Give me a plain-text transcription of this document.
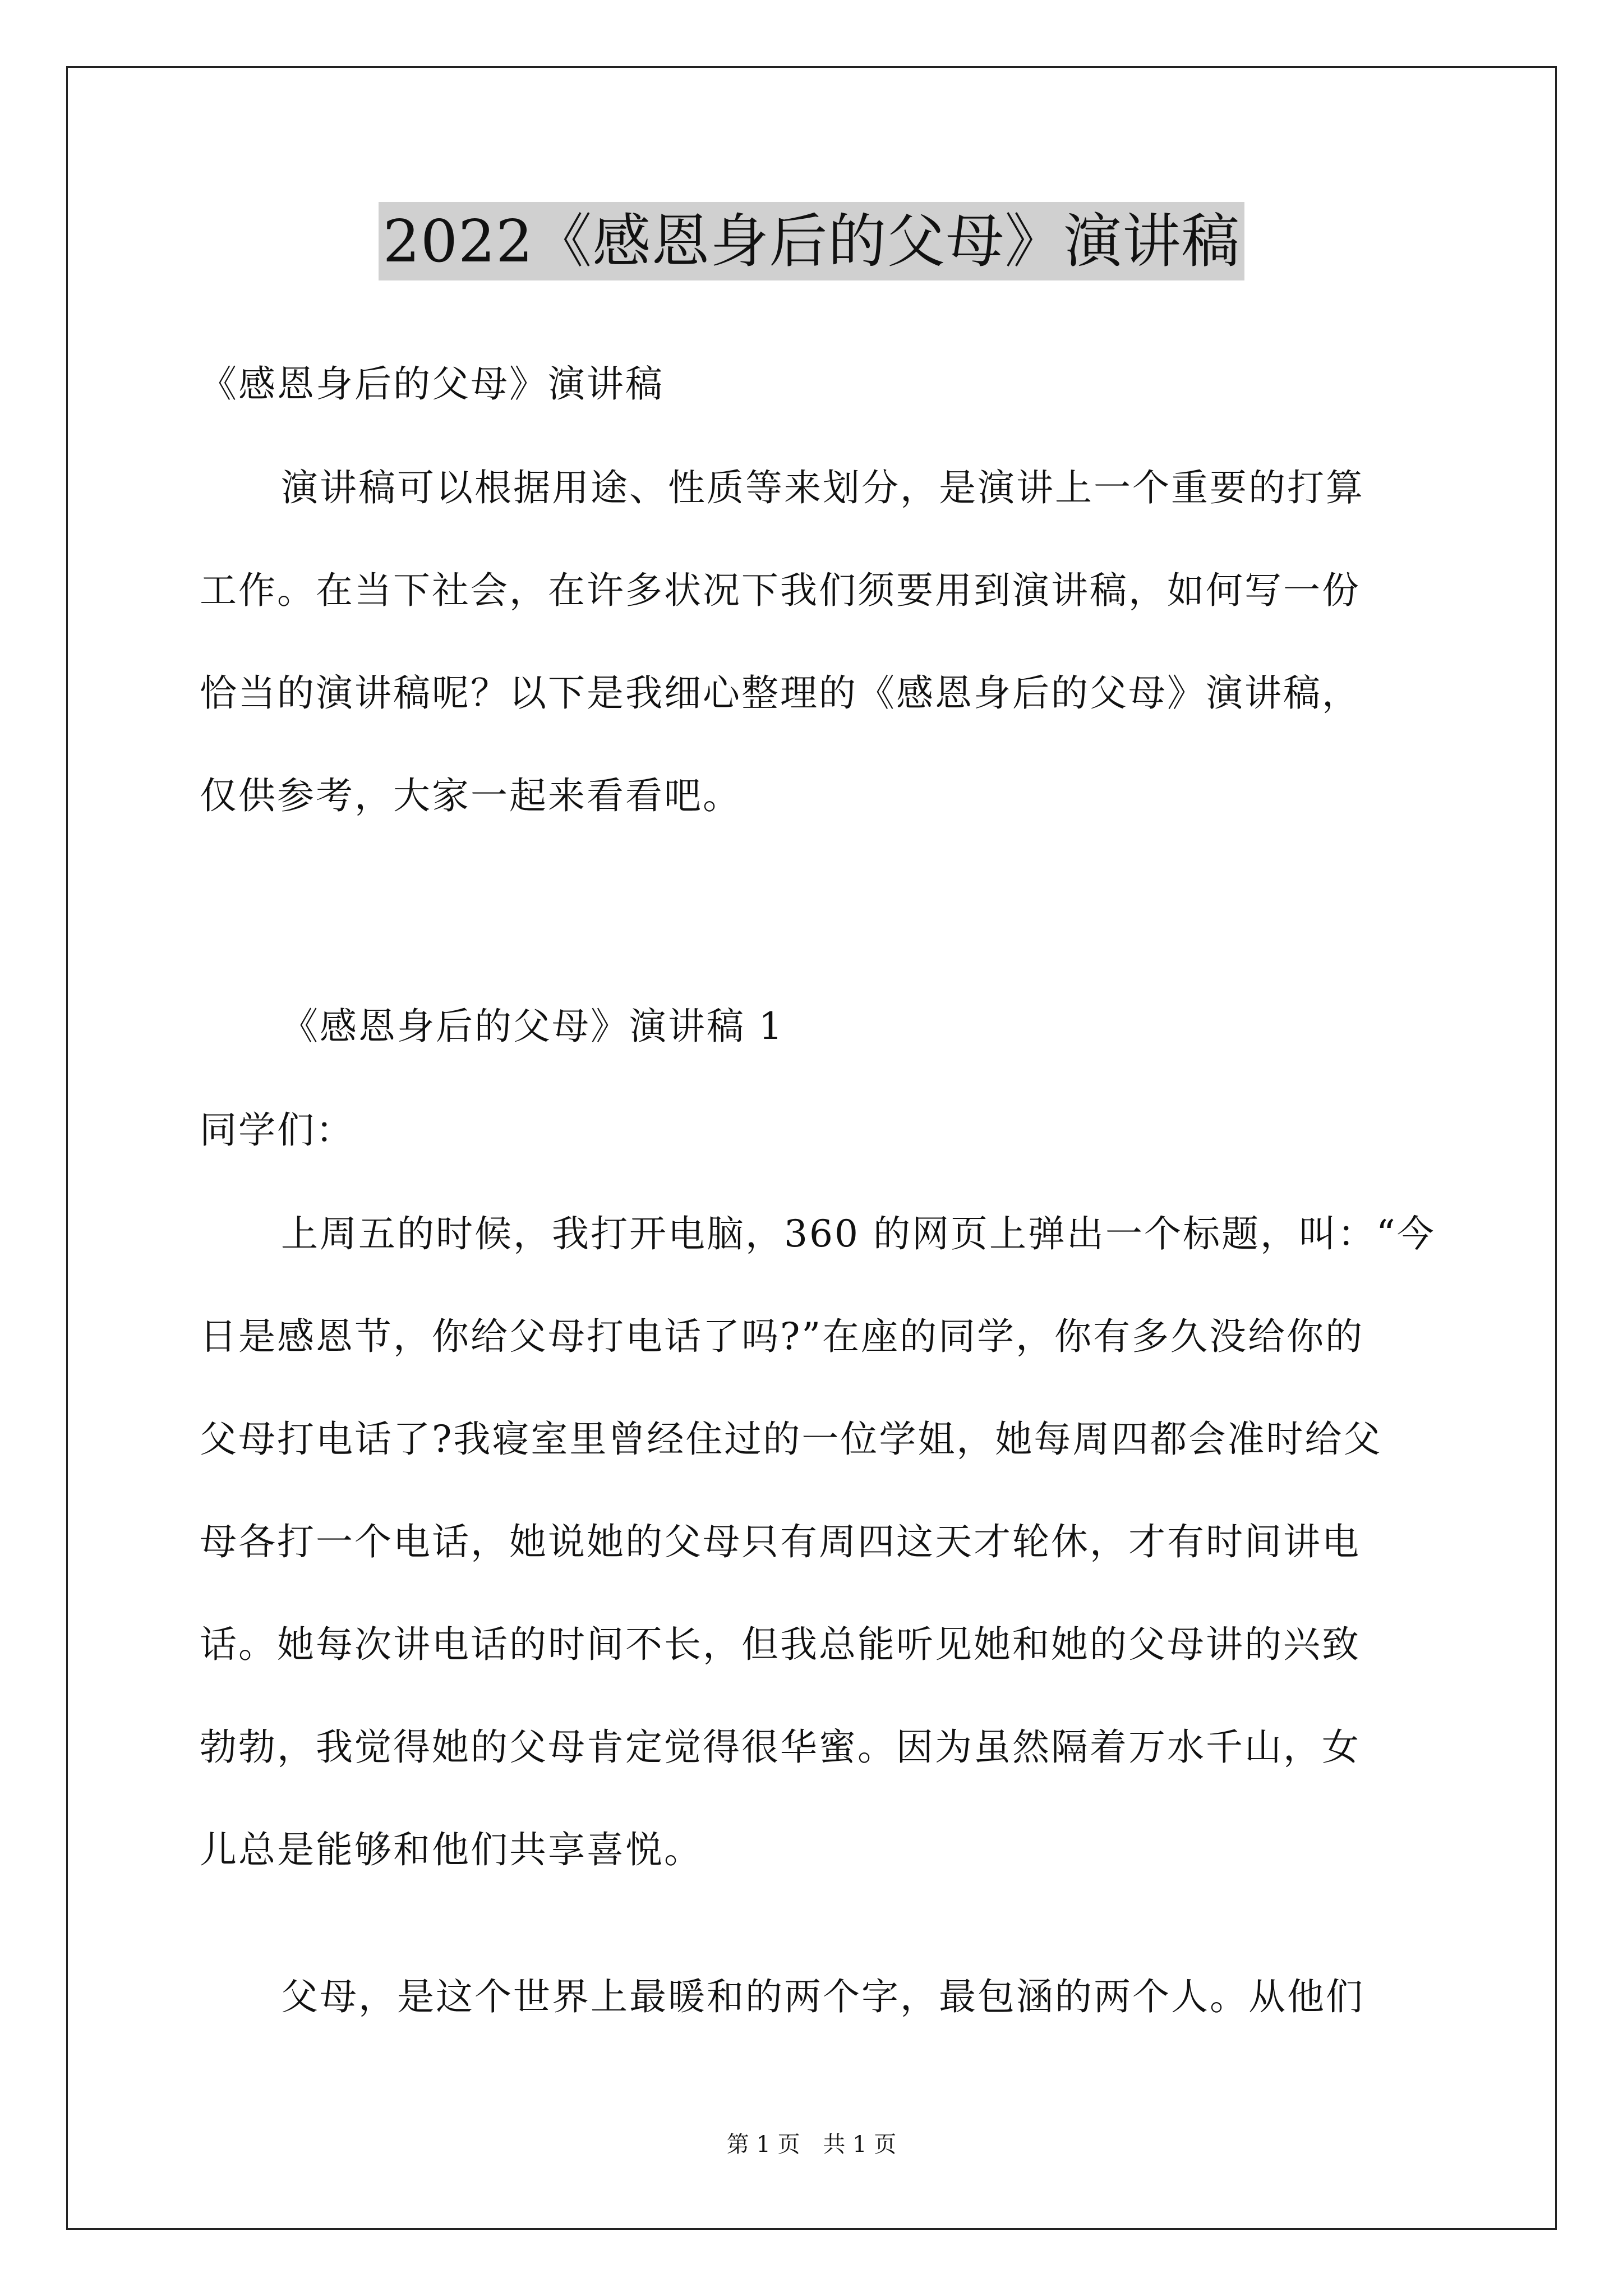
2022《感恩身后的父母》演讲稿
《感恩身后的父母》演讲稿
演讲稿可以根据用途、性质等来划分，是演讲上一个重要的打算
工作。在当下社会，在许多状况下我们须要用到演讲稿，如何写一份
恰当的演讲稿呢？以下是我细心整理的《感恩身后的父母》演讲稿，
仅供参考，大家一起来看看吧。
《感恩身后的父母》演讲稿 1
同学们：
上周五的时候，我打开电脑，360 的网页上弹出一个标题，叫：“今
日是感恩节，你给父母打电话了吗?”在座的同学，你有多久没给你的
父母打电话了?我寝室里曾经住过的一位学姐，她每周四都会准时给父
母各打一个电话，她说她的父母只有周四这天才轮休，才有时间讲电
话。她每次讲电话的时间不长，但我总能听见她和她的父母讲的兴致
勃勃，我觉得她的父母肯定觉得很华蜜。因为虽然隔着万水千山，女
儿总是能够和他们共享喜悦。
父母，是这个世界上最暖和的两个字，最包涵的两个人。从他们
第 1 页 共 1 页
